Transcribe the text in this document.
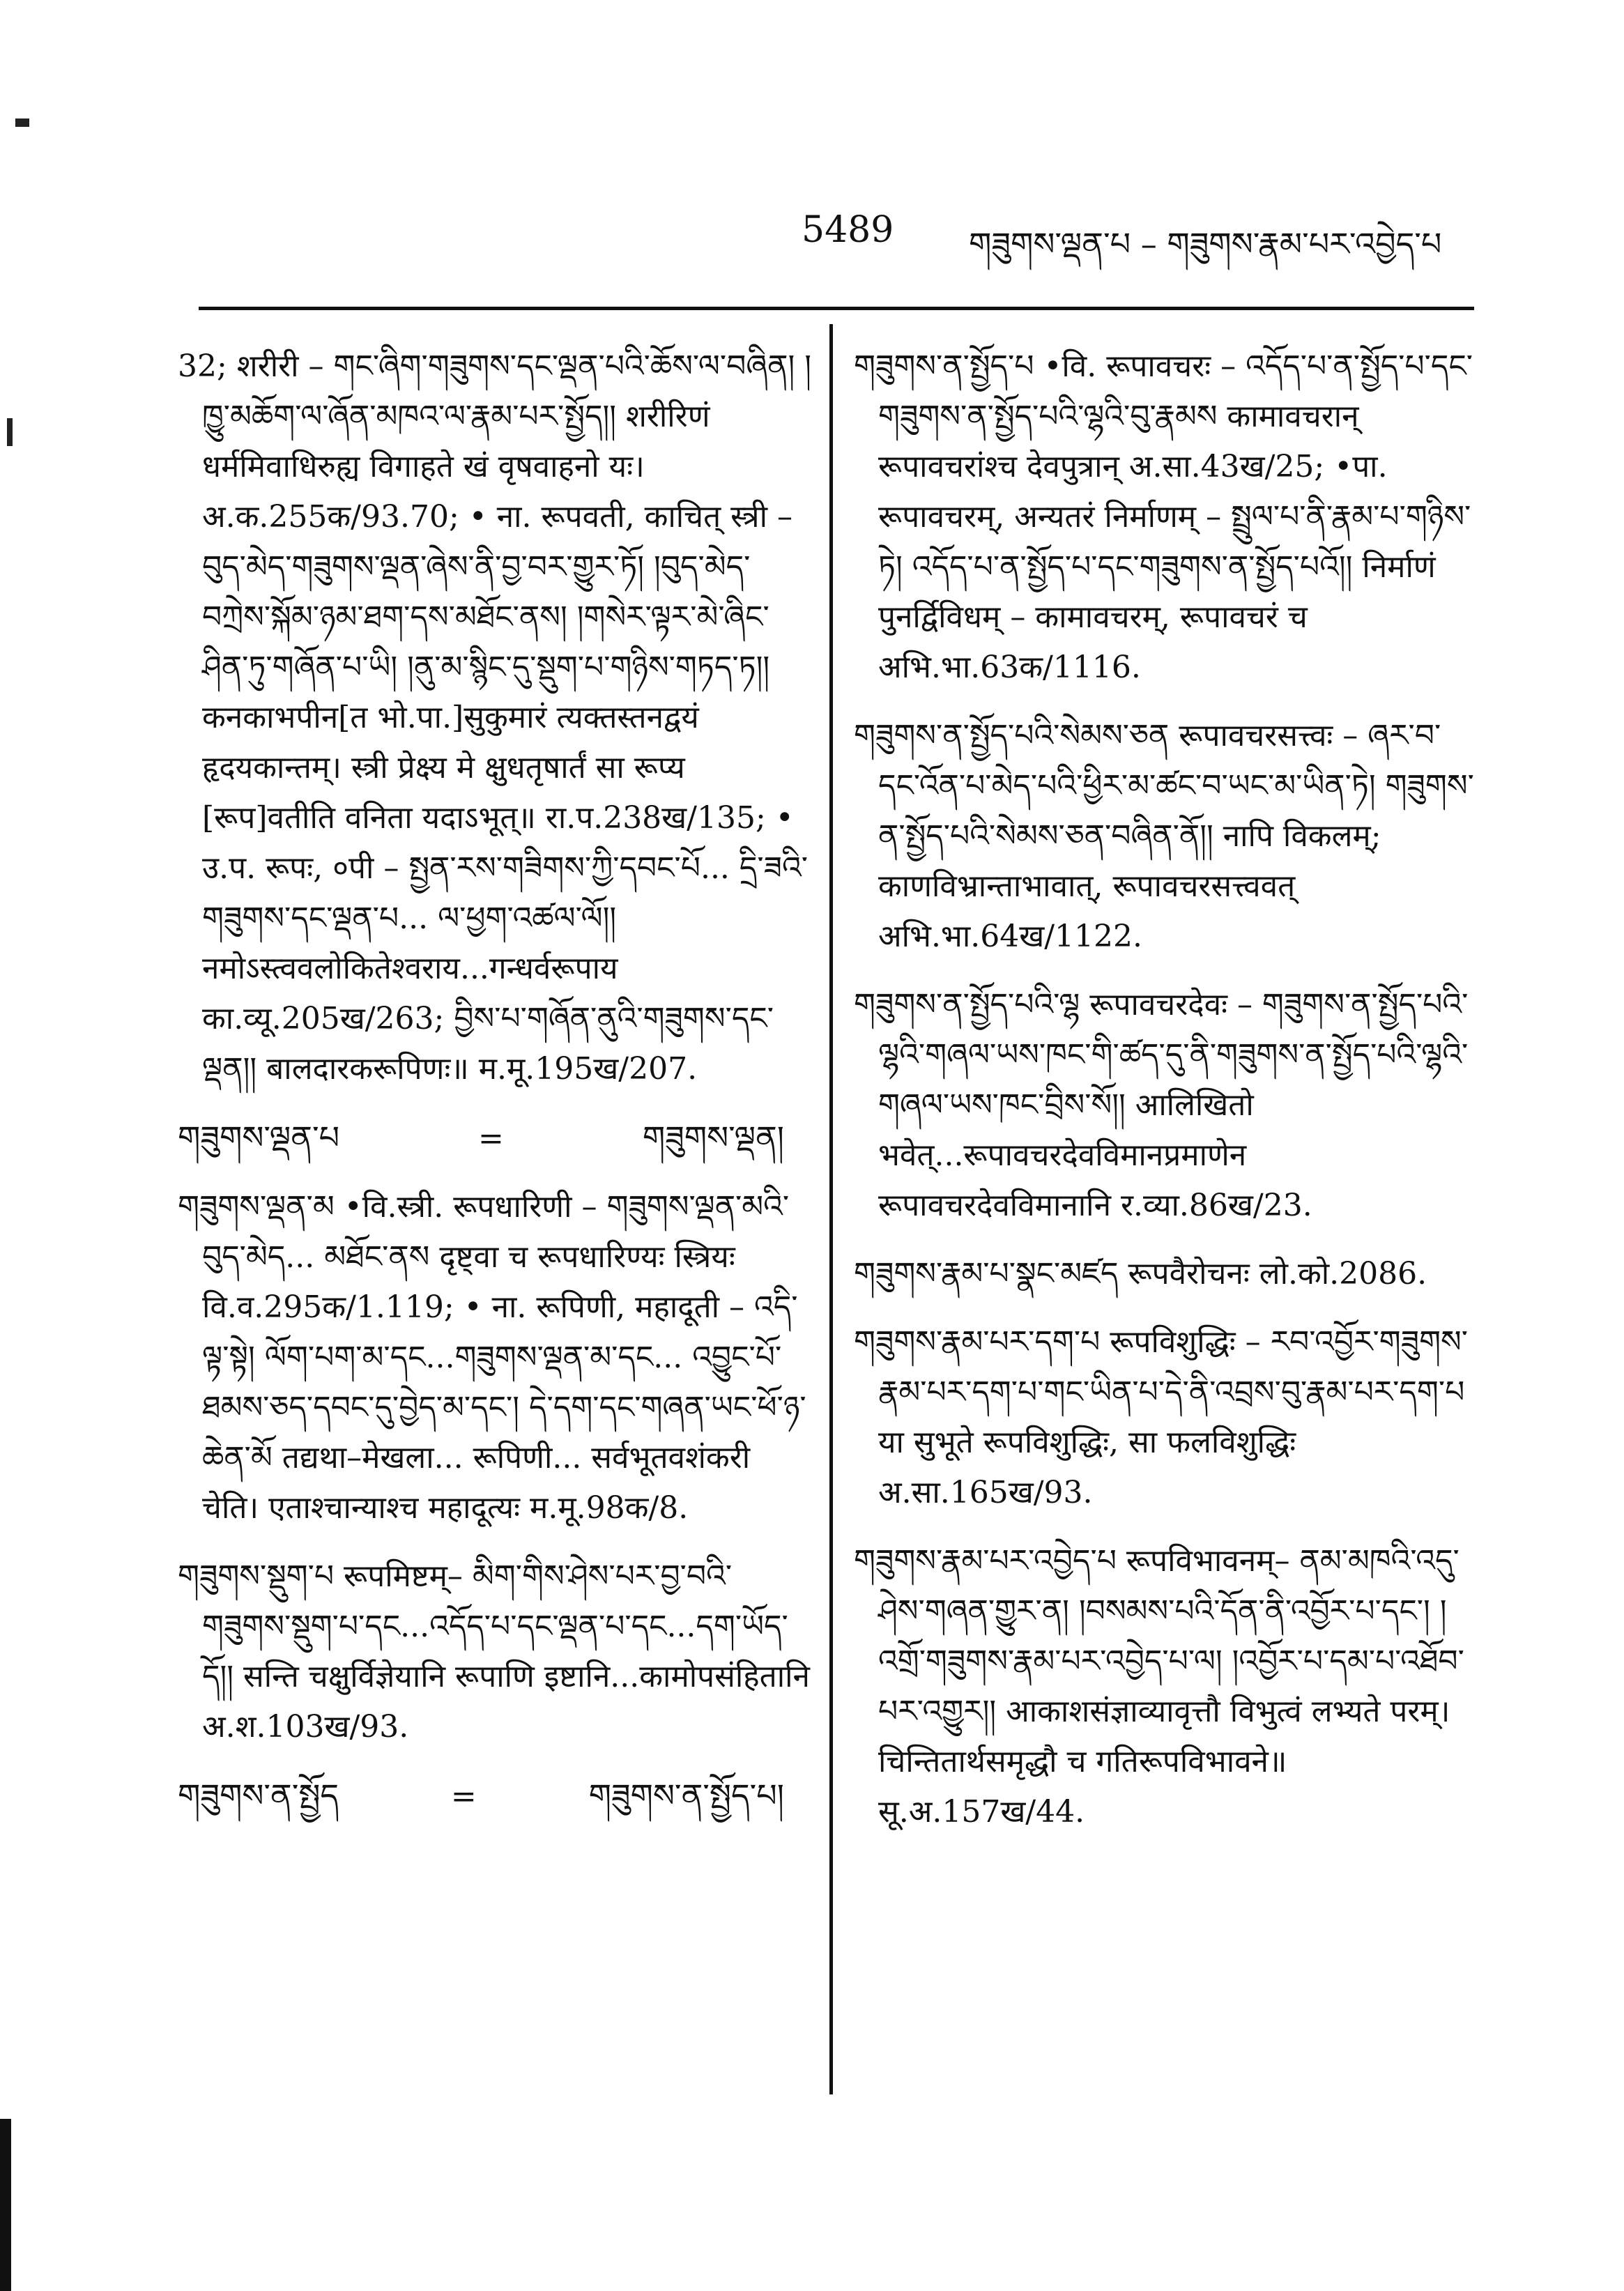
5489 གཟུགས་ལྡན་པ – གཟུགས་རྣམ་པར་འབྱེད་པ

32; शरीरी – གང་ཞིག་གཟུགས་དང་ལྡན་པའི་ཆོས་ལ་བཞིན། །ཁྱུ་མཆོག་ལ་ཞོན་མཁའ་ལ་རྣམ་པར་སྤྱོད།། शरीरिणं धर्ममिवाधिरुह्य विगाहते खं वृषवाहनो यः। अ.क.255क/93.70; • ना. रूपवती, काचित् स्त्री – བུད་མེད་གཟུགས་ལྡན་ཞེས་ནི་བྱ་བར་གྱུར་ཏོ། །བུད་མེད་བཀྲེས་སྐོམ་ཉམ་ཐག་དས་མཐོང་ནས། །གསེར་ལྟར་མེ་ཞིང་ཤིན་ཏུ་གཞོན་པ་ཡི། །ནུ་མ་སྙིང་དུ་སྡུག་པ་གཉིས་གཏད་ཏ།། कनकाभपीन[त भो.पा.]सुकुमारं त्यक्तस्तनद्वयं हृदयकान्तम्। स्त्री प्रेक्ष्य मे क्षुधतृषार्तं सा रूप्य [रूप]वतीति वनिता यदाऽभूत्॥ रा.प.238ख/135; • उ.प. रूपः, ०पी – སྤྱན་རས་གཟིགས་ཀྱི་དབང་པོ... དྲི་ཟའི་གཟུགས་དང་ལྡན་པ... ལ་ཕྱག་འཚལ་ལོ།། नमोऽस्त्ववलोकितेश्वराय...गन्धर्वरूपाय का.व्यू.205ख/263; བྱིས་པ་གཞོན་ནུའི་གཟུགས་དང་ལྡན།། बालदारकरूपिणः॥ म.मू.195ख/207.

གཟུགས་ལྡན་པ	=	གཟུགས་ལྡན།

གཟུགས་ལྡན་མ •वि.स्त्री. रूपधारिणी – གཟུགས་ལྡན་མའི་བུད་མེད... མཐོང་ནས दृष्ट्वा च रूपधारिण्यः स्त्रियः वि.व.295क/1.119; • ना. रूपिणी, महादूती – འདི་ལྟ་སྟེ། ལོག་པག་མ་དང...གཟུགས་ལྡན་མ་དང... འབྱུང་པོ་ཐམས་ཅད་དབང་དུ་བྱེད་མ་དང་། དེ་དག་དང་གཞན་ཡང་ཕོ་ཉ་ཆེན་མོ तद्यथा–मेखला... रूपिणी... सर्वभूतवशंकरी चेति। एताश्चान्याश्च महादूत्यः म.मू.98क/8.

གཟུགས་སྡུག་པ रूपमिष्टम्– མིག་གིས་ཤེས་པར་བྱ་བའི་གཟུགས་སྡུག་པ་དང...འདོད་པ་དང་ལྡན་པ་དང...དག་ཡོད་དོ།། सन्ति चक्षुर्विज्ञेयानि रूपाणि इष्टानि...कामोपसंहितानि अ.श.103ख/93.

གཟུགས་ན་སྤྱོད	=	གཟུགས་ན་སྤྱོད་པ།

གཟུགས་ན་སྤྱོད་པ •वि. रूपावचरः – འདོད་པ་ན་སྤྱོད་པ་དང་གཟུགས་ན་སྤྱོད་པའི་ལྷའི་བུ་རྣམས कामावचरान् रूपावचरांश्च देवपुत्रान् अ.सा.43ख/25; •पा. रूपावचरम्, अन्यतरं निर्माणम् – སྤྲུལ་པ་ནི་རྣམ་པ་གཉིས་ཏེ། འདོད་པ་ན་སྤྱོད་པ་དང་གཟུགས་ན་སྤྱོད་པའོ།། निर्माणं पुनर्द्विविधम् – कामावचरम्, रूपावचरं च अभि.भा.63क/1116.

གཟུགས་ན་སྤྱོད་པའི་སེམས་ཅན रूपावचरसत्त्वः – ཞར་བ་དང་འོན་པ་མེད་པའི་ཕྱིར་མ་ཚང་བ་ཡང་མ་ཡིན་ཏེ། གཟུགས་ན་སྤྱོད་པའི་སེམས་ཅན་བཞིན་ནོ།། नापि विकलम्; काणविभ्रान्ताभावात्, रूपावचरसत्त्ववत् अभि.भा.64ख/1122.

གཟུགས་ན་སྤྱོད་པའི་ལྷ रूपावचरदेवः – གཟུགས་ན་སྤྱོད་པའི་ལྷའི་གཞལ་ཡས་ཁང་གི་ཚད་དུ་ནི་གཟུགས་ན་སྤྱོད་པའི་ལྷའི་གཞལ་ཡས་ཁང་བྲིས་སོ།། आलिखितो भवेत्...रूपावचरदेवविमानप्रमाणेन रूपावचरदेवविमानानि र.व्या.86ख/23.

གཟུགས་རྣམ་པ་སྣང་མཛད रूपवैरोचनः लो.को.2086.

གཟུགས་རྣམ་པར་དག་པ रूपविशुद्धिः – རབ་འབྱོར་གཟུགས་རྣམ་པར་དག་པ་གང་ཡིན་པ་དེ་ནི་འབྲས་བུ་རྣམ་པར་དག་པ या सुभूते रूपविशुद्धिः, सा फलविशुद्धिः अ.सा.165ख/93.

གཟུགས་རྣམ་པར་འབྱེད་པ रूपविभावनम्– ནམ་མཁའི་འདུ་ཤེས་གཞན་གྱུར་ན། །བསམས་པའི་དོན་ནི་འབྱོར་པ་དང་། །འགྲོ་གཟུགས་རྣམ་པར་འབྱེད་པ་ལ། །འབྱོར་པ་དམ་པ་འཐོབ་པར་འགྱུར།། आकाशसंज्ञाव्यावृत्तौ विभुत्वं लभ्यते परम्। चिन्तितार्थसमृद्धौ च गतिरूपविभावने॥ सू.अ.157ख/44.
